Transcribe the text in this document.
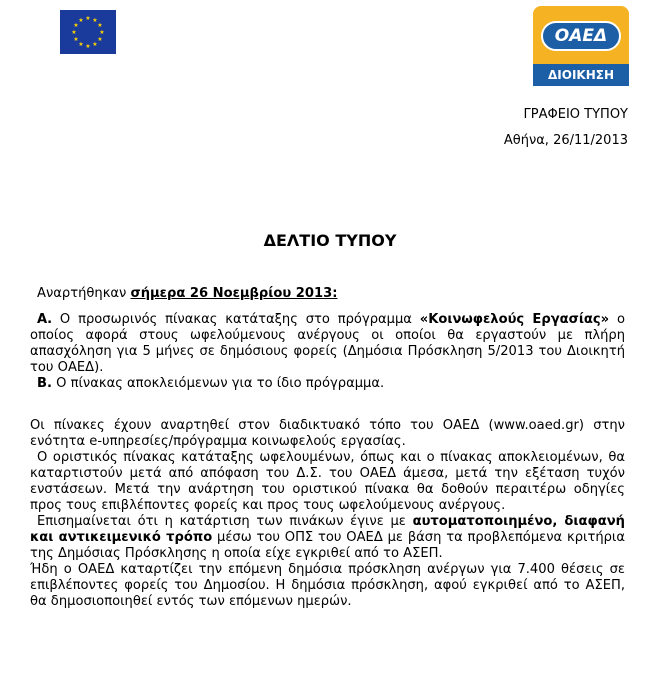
★ ★
★
★
★
★
★
★
★
★
★
★
ΟΑΕΔ
ΔΙΟΙΚΗΣΗ
ΓΡΑΦΕΙΟ ΤΥΠΟΥ
Αθήνα, 26/11/2013
ΔΕΛΤΙΟ ΤΥΠΟΥ

Αναρτήθηκαν σήμερα 26 Νοεμβρίου 2013:

Α. Ο προσωρινός πίνακας κατάταξης στο πρόγραμμα «Κοινωφελούς Εργασίας» ο οποίος αφορά στους ωφελούμενους ανέργους οι οποίοι θα εργαστούν με πλήρη απασχόληση για 5 μήνες σε δημόσιους φορείς (Δημόσια Πρόσκληση 5/2013 του Διοικητή του ΟΑΕΔ).

Β. Ο πίνακας αποκλειόμενων για το ίδιο πρόγραμμα.

Οι πίνακες έχουν αναρτηθεί στον διαδικτυακό τόπο του ΟΑΕΔ (www.oaed.gr) στην ενότητα e-υπηρεσίες/πρόγραμμα κοινωφελούς εργασίας.

Ο οριστικός πίνακας κατάταξης ωφελουμένων, όπως και ο πίνακας αποκλειομένων, θα καταρτιστούν μετά από απόφαση του Δ.Σ. του ΟΑΕΔ άμεσα, μετά την εξέταση τυχόν ενστάσεων. Μετά την ανάρτηση του οριστικού πίνακα θα δοθούν περαιτέρω οδηγίες προς τους επιβλέποντες φορείς και προς τους ωφελούμενους ανέργους.

Επισημαίνεται ότι η κατάρτιση των πινάκων έγινε με αυτοματοποιημένο, διαφανή και αντικειμενικό τρόπο μέσω του ΟΠΣ του ΟΑΕΔ με βάση τα προβλεπόμενα κριτήρια της Δημόσιας Πρόσκλησης η οποία είχε εγκριθεί από το ΑΣΕΠ.

Ήδη ο ΟΑΕΔ καταρτίζει την επόμενη δημόσια πρόσκληση ανέργων για 7.400 θέσεις σε επιβλέποντες φορείς του Δημοσίου. Η δημόσια πρόσκληση, αφού εγκριθεί από το ΑΣΕΠ, θα δημοσιοποιηθεί εντός των επόμενων ημερών.
